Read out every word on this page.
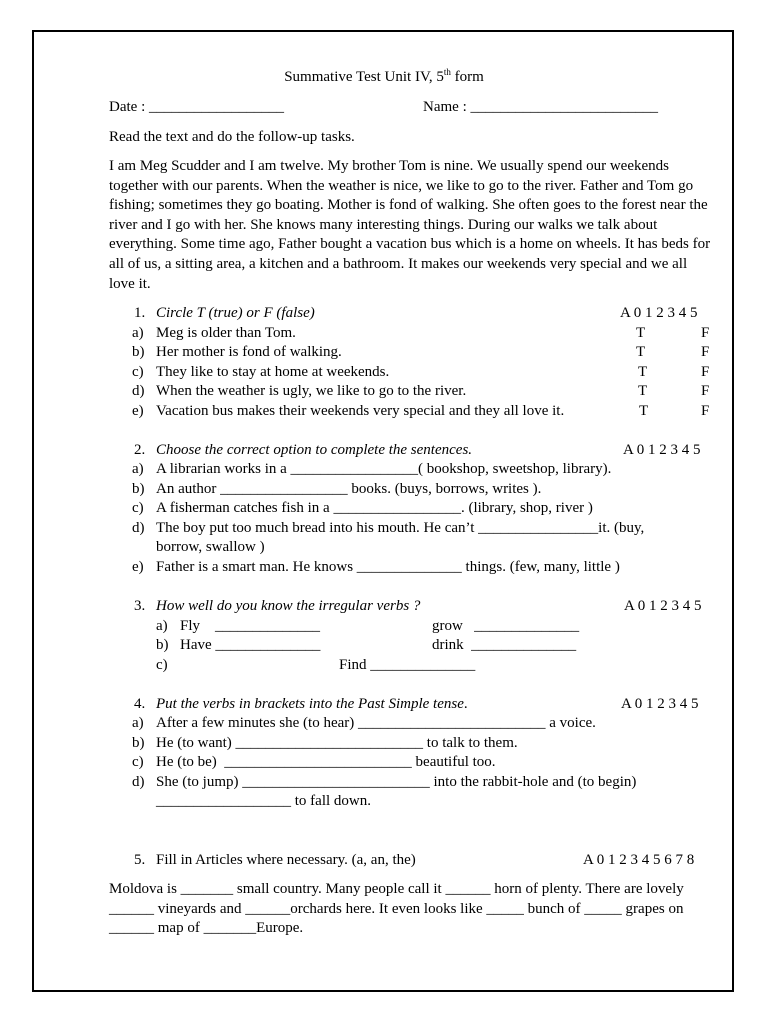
Summative Test Unit IV, 5th form
Date : __________________	Name : _________________________
Read the text and do the follow-up tasks.
I am Meg Scudder and I am twelve. My brother Tom is nine. We usually spend our weekends together with our parents. When the weather is nice, we like to go to the river. Father and Tom go fishing; sometimes they go boating. Mother is fond of walking. She often goes to the forest near the river and I go with her. She knows many interesting things. During our walks we talk about everything. Some time ago, Father bought a vacation bus which is a home on wheels. It has beds for all of us, a sitting area, a kitchen and a bathroom. It makes our weekends very special and we all love it.
1. Circle T (true) or F (false)	A 0 1 2 3 4 5
a) Meg is older than Tom.	T	F
b) Her mother is fond of walking.	T	F
c) They like to stay at home at weekends.	T	F
d) When the weather is ugly, we like to go to the river.	T	F
e) Vacation bus makes their weekends very special and they all love it.	T	F
2. Choose the correct option to complete the sentences.	A 0 1 2 3 4 5
a) A librarian works in a _________________( bookshop, sweetshop, library).
b) An author _________________ books. (buys, borrows, writes ).
c) A fisherman catches fish in a _________________. (library, shop, river )
d) The boy put too much bread into his mouth. He can’t ________________it. (buy,
borrow, swallow )
e) Father is a smart man. He knows ______________ things. (few, many, little )
3. How well do you know the irregular verbs ?	A 0 1 2 3 4 5
a) Fly    ______________	grow   ______________
b) Have ______________	drink  ______________
c)	Find ______________
4. Put the verbs in brackets into the Past Simple tense.	A 0 1 2 3 4 5
a) After a few minutes she (to hear) _________________________ a voice.
b) He (to want) _________________________ to talk to them.
c) He (to be)  _________________________ beautiful too.
d) She (to jump) _________________________ into the rabbit-hole and (to begin)
__________________ to fall down.
5. Fill in Articles where necessary. (a, an, the)	A 0 1 2 3 4 5 6 7 8
Moldova is _______ small country. Many people call it ______ horn of plenty. There are lovely ______ vineyards and ______orchards here. It even looks like _____ bunch of _____ grapes on ______ map of _______Europe.
